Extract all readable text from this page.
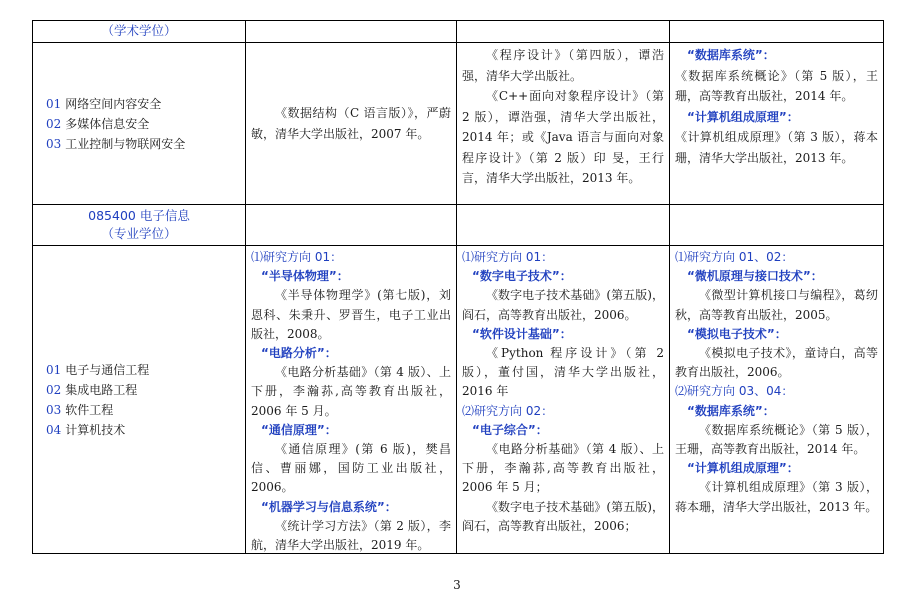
（学术学位）
01 网络空间内容安全
02 多媒体信息安全
03 工业控制与物联网安全
《数据结构（C 语言版）》，严蔚敏，清华大学出版社，2007 年。
《程序设计》（第四版），谭浩强，清华大学出版社。
《C++面向对象程序设计》（第 2 版），谭浩强，清华大学出版社，2014 年；或《Java 语言与面向对象程序设计》（第 2 版）印 旻，王行言，清华大学出版社，2013 年。
“数据库系统”：
《数据库系统概论》（第 5 版），王珊，高等教育出版社，2014 年。
“计算机组成原理”：
《计算机组成原理》（第 3 版），蒋本珊，清华大学出版社，2013 年。
085400 电子信息
（专业学位）
01 电子与通信工程
02 集成电路工程
03 软件工程
04 计算机技术
⑴研究方向 01：
“半导体物理”：
《半导体物理学》(第七版)，刘恩科、朱秉升、罗晋生，电子工业出版社，2008。
“电路分析”：
《电路分析基础》（第 4 版）、上下册，李瀚荪,高等教育出版社，2006 年 5 月。
“通信原理”：
《通信原理》(第 6 版)，樊昌信、曹丽娜，国防工业出版社，2006。
“机器学习与信息系统”：
《统计学习方法》（第 2 版），李航，清华大学出版社，2019 年。
⑴研究方向 01：
“数字电子技术”：
《数字电子技术基础》(第五版)，阎石，高等教育出版社，2006。
“软件设计基础”：
《Python 程序设计》（第 2 版），董付国，清华大学出版社，2016 年
⑵研究方向 02：
“电子综合”：
《电路分析基础》（第 4 版）、上下册，李瀚荪,高等教育出版社，2006 年 5 月；
《数字电子技术基础》(第五版)，阎石，高等教育出版社，2006；
⑴研究方向 01、02：
“微机原理与接口技术”：
《微型计算机接口与编程》，葛纫秋，高等教育出版社，2005。
“模拟电子技术”：
《模拟电子技术》，童诗白，高等教育出版社，2006。
⑵研究方向 03、04：
“数据库系统”：
《数据库系统概论》（第 5 版），王珊，高等教育出版社，2014 年。
“计算机组成原理”：
《计算机组成原理》（第 3 版），蒋本珊，清华大学出版社，2013 年。
3
